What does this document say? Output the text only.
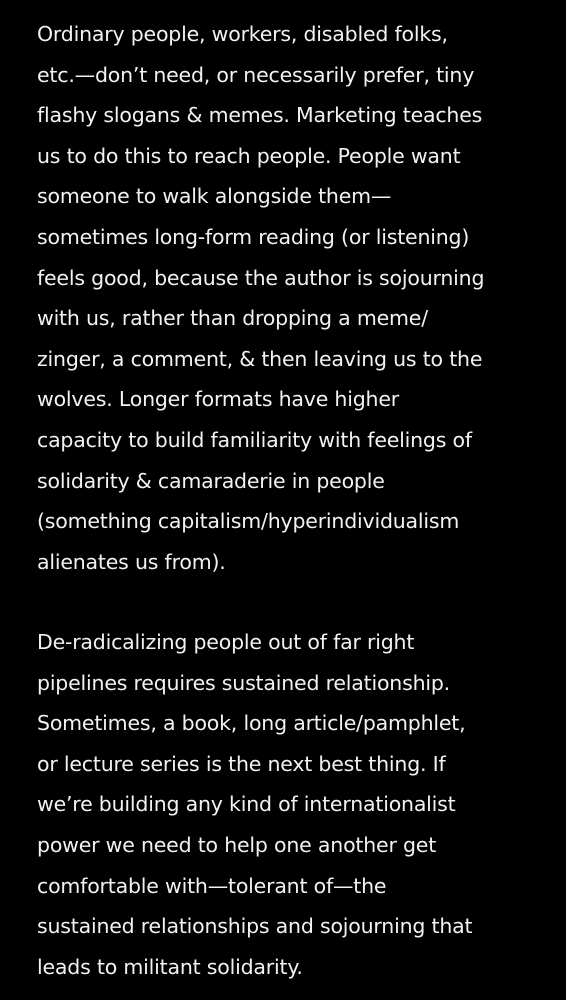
Ordinary people, workers, disabled folks,
etc.—don’t need, or necessarily prefer, tiny
flashy slogans & memes. Marketing teaches
us to do this to reach people. People want
someone to walk alongside them—
sometimes long-form reading (or listening)
feels good, because the author is sojourning
with us, rather than dropping a meme/
zinger, a comment, & then leaving us to the
wolves. Longer formats have higher
capacity to build familiarity with feelings of
solidarity & camaraderie in people
(something capitalism/hyperindividualism
alienates us from).

De-radicalizing people out of far right
pipelines requires sustained relationship.
Sometimes, a book, long article/pamphlet,
or lecture series is the next best thing. If
we’re building any kind of internationalist
power we need to help one another get
comfortable with—tolerant of—the
sustained relationships and sojourning that
leads to militant solidarity.
